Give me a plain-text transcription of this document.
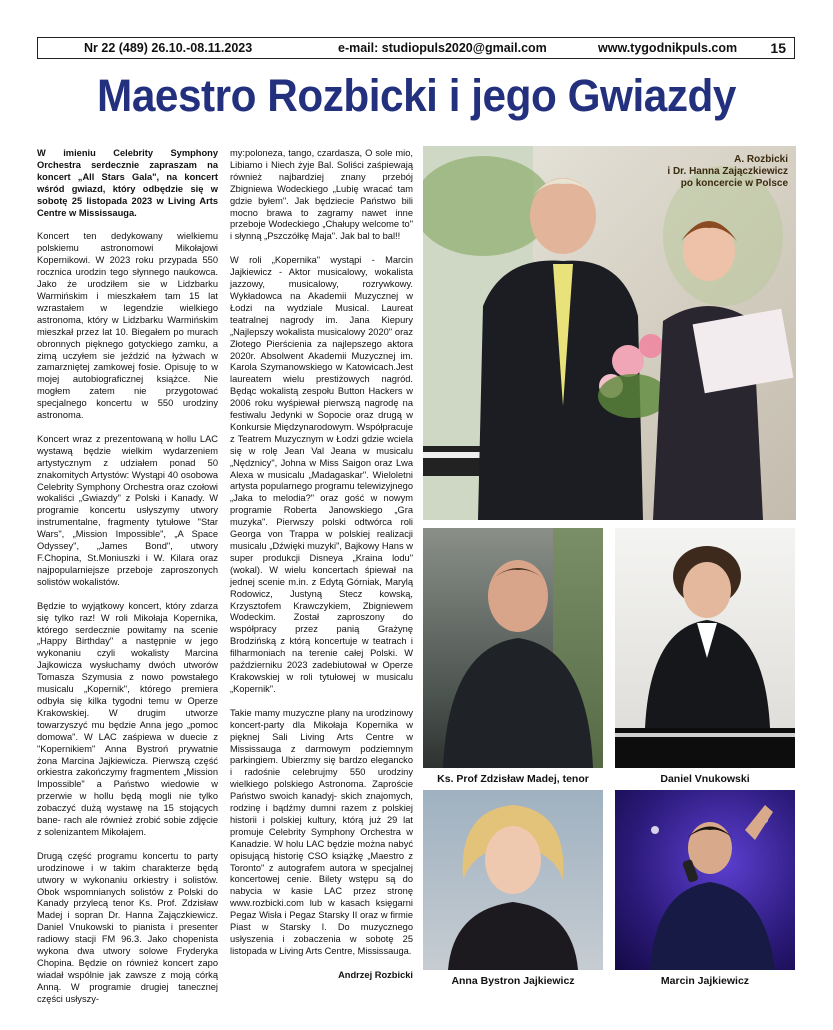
Nr 22 (489) 26.10.-08.11.2023	e-mail: studiopuls2020@gmail.com	www.tygodnikpuls.com 15
Maestro Rozbicki i jego Gwiazdy

W imieniu Celebrity Symphony Orchestra serdecznie zapraszam na koncert „All Stars Gala", na koncert wśród gwiazd, który odbędzie się w sobotę 25 listopada 2023 w Living Arts Centre w Mississauga.

Koncert ten dedykowany wielkiemu polskiemu astronomowi Mikołajowi Kopernikowi. W 2023 roku przypada 550 rocznica urodzin tego słynnego naukowca. Jako że urodziłem sie w Lidzbarku Warmińskim i mieszkałem tam 15 lat wzrastałem w legendzie wielkiego astronoma, który w Lidzbarku Warmińskim mieszkał przez lat 10. Biegałem po murach obronnych pięknego gotyckiego zamku, a zimą uczyłem sie jeździć na łyżwach w zamarzniętej zamkowej fosie. Opisuję to w mojej autobiograficznej książce. Nie mogłem zatem nie przygotować specjalnego koncertu w 550 urodziny astronoma.

Koncert wraz z prezentowaną w hollu LAC wystawą będzie wielkim wydarzeniem artystycznym z udziałem ponad 50 znakomitych Artystów: Wystąpi 40 osobowa Celebrity Symphony Orchestra oraz czołowi wokaliści „Gwiazdy" z Polski i Kanady. W programie koncertu usłyszymy utwory instrumentalne, fragmenty tytułowe "Star Wars", „Mission Impossible", „A Space Odyssey", „James Bond", utwory F.Chopina, St.Moniuszki i W. Kilara oraz najpopularniejsze przeboje zaproszonych solistów wokalistów.

Będzie to wyjątkowy koncert, który zdarza się tylko raz! W roli Mikołaja Kopernika, którego serdecznie powitamy na scenie „Happy Birthday" a następnie w jego wykonaniu czyli wokalisty Marcina Jajkowicza wysłuchamy dwóch utworów Tomasza Szymusia z nowo powstałego musicalu „Kopernik", którego premiera odbyła się kilka tygodni temu w Operze Krakowskiej. W drugim utworze towarzyszyć mu będzie Anna jego „pomoc domowa". W LAC zaśpiewa w duecie z "Kopernikiem" Anna Bystroń prywatnie żona Marcina Jajkiewicza. Pierwszą część orkiestra zakończymy fragmentem „Mission Impossible" a Państwo wiedowie w przerwie w hollu będą mogli nie tylko zobaczyć dużą wystawę na 15 stojących bane- rach ale również zrobić sobie zdjęcie z solenizantem Mikołajem.

Drugą część programu koncertu to party urodzinowe i w takim charakterze będą utwory w wykonaniu orkiestry i solistów. Obok wspomnianych solistów z Polski do Kanady przylecą tenor Ks. Prof. Zdzisław Madej i sopran Dr. Hanna Zajączkiewicz. Daniel Vnukowski to pianista i presenter radiowy stacji FM 96.3. Jako chopenista wykona dwa utwory solowe Fryderyka Chopina. Będzie on również koncert zapo wiadał wspólnie jak zawsze z moją córką Anną. W programie drugiej tanecznej części usłyszy-

my:poloneza, tango, czardasza, O sole mio, Libiamo i Niech żyje Bal. Soliści zaśpiewają również najbardziej znany przebój Zbigniewa Wodeckiego „Lubię wracać tam gdzie byłem". Jak będziecie Państwo bili mocno brawa to zagramy nawet inne przeboje Wodeckiego „Chałupy welcome to" i słynną „Pszczółkę Maja". Jak bal to bal!!

W roli „Kopernika" wystąpi - Marcin Jajkiewicz - Aktor musicalowy, wokalista jazzowy, musicalowy, rozrywkowy. Wykładowca na Akademii Muzycznej w Łodzi na wydziale Musical. Laureat teatralnej nagrody im. Jana Kiepury „Najlepszy wokalista musicalowy 2020" oraz Złotego Pierścienia za najlepszego aktora 2020r. Absolwent Akademii Muzycznej im. Karola Szymanowskiego w Katowicach.Jest laureatem wielu prestiżowych nagród. Będąc wokalistą zespołu Button Hackers w 2006 roku wyśpiewał pierwszą nagrodę na festiwalu Jedynki w Sopocie oraz drugą w Konkursie Międzynarodowym. Współpracuje z Teatrem Muzycznym w Łodzi gdzie wciela się w rolę Jean Val Jeana w musicalu „Nędznicy", Johna w Miss Saigon oraz Lwa Alexa w musicalu „Madagaskar". Wieloletni artysta popularnego programu telewizyjnego „Jaka to melodia?" oraz gość w nowym programie Roberta Janowskiego „Gra muzyka". Pierwszy polski odtwórca roli Georga von Trappa w polskiej realizacji musicalu „Dźwięki muzyki", Bajkowy Hans w super produkcji Disneya „Kraina lodu" (wokal). W wielu koncertach śpiewał na jednej scenie m.in. z Edytą Górniak, Marylą Rodowicz, Justyną Stecz kowską, Krzysztofem Krawczykiem, Zbigniewem Wodeckim. Został zaproszony do współpracy przez panią Grażynę Brodzińską z którą koncertuje w teatrach i filharmoniach na terenie całej Polski. W październiku 2023 zadebiutował w Operze Krakowskiej w roli tytułowej w musicalu „Kopernik".

Takie mamy muzyczne plany na urodzinowy koncert-party dla Mikołaja Kopernika w pięknej Sali Living Arts Centre w Mississauga z darmowym podziemnym parkingiem. Ubierzmy się bardzo elegancko i radośnie celebrujmy 550 urodziny wielkiego polskiego Astronoma. Zaproście Państwo swoich kanadyj- skich znajomych, rodzinę i bądźmy dumni razem z polskiej historii i polskiej kultury, którą już 29 lat promuje Celebrity Symphony Orchestra w Kanadzie. W holu LAC będzie można nabyć opisującą historię CSO książkę „Maestro z Toronto" z autografem autora w specjalnej koncertowej cenie. Bilety wstępu są do nabycia w kasie LAC przez stronę www.rozbicki.com lub w kasach księgarni Pegaz Wisła i Pegaz Starsky II oraz w firmie Piast w Starsky I. Do muzycznego usłyszenia i zobaczenia w sobotę 25 listopada w Living Arts Centre, Mississauga.

Andrzej Rozbicki
A. Rozbicki
i Dr. Hanna Zajączkiewicz
po koncercie w Polsce
Ks. Prof Zdzisław Madej, tenor	Daniel Vnukowski
Anna Bystron Jajkiewicz	Marcin Jajkiewicz
